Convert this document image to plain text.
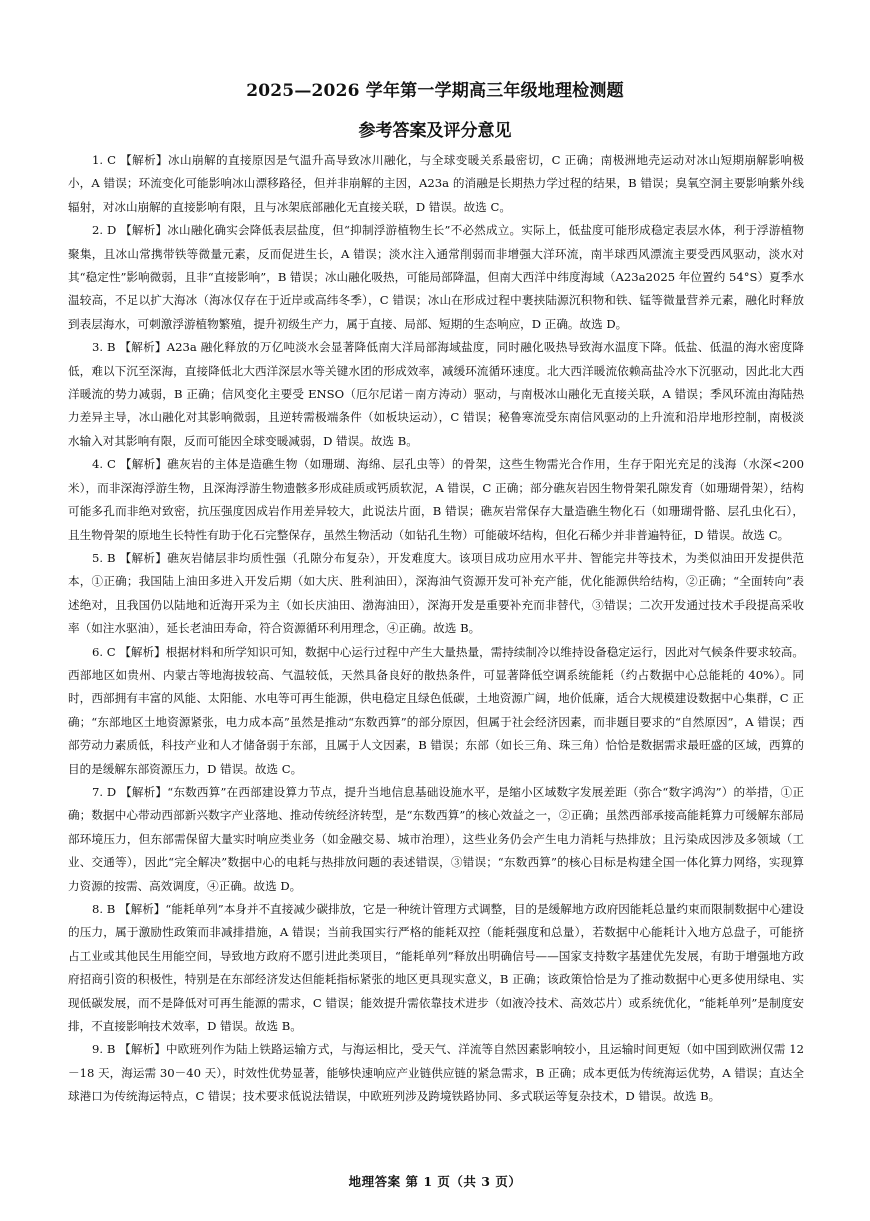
2025—2026 学年第一学期高三年级地理检测题
参考答案及评分意见

1. C 【解析】冰山崩解的直接原因是气温升高导致冰川融化，与全球变暖关系最密切，C 正确；南极洲地壳运动对冰山短期崩解影响极小，A 错误；环流变化可能影响冰山漂移路径，但并非崩解的主因，A23a 的消融是长期热力学过程的结果，B 错误；臭氧空洞主要影响紫外线辐射，对冰山崩解的直接影响有限，且与冰架底部融化无直接关联，D 错误。故选 C。

2. D 【解析】冰山融化确实会降低表层盐度，但“抑制浮游植物生长”不必然成立。实际上，低盐度可能形成稳定表层水体，利于浮游植物聚集，且冰山常携带铁等微量元素，反而促进生长，A 错误；淡水注入通常削弱而非增强大洋环流，南半球西风漂流主要受西风驱动，淡水对其“稳定性”影响微弱，且非“直接影响”，B 错误；冰山融化吸热，可能局部降温，但南大西洋中纬度海域（A23a2025 年位置约 54°S）夏季水温较高，不足以扩大海冰（海冰仅存在于近岸或高纬冬季），C 错误；冰山在形成过程中裹挟陆源沉积物和铁、锰等微量营养元素，融化时释放到表层海水，可刺激浮游植物繁殖，提升初级生产力，属于直接、局部、短期的生态响应，D 正确。故选 D。

3. B 【解析】A23a 融化释放的万亿吨淡水会显著降低南大洋局部海域盐度，同时融化吸热导致海水温度下降。低盐、低温的海水密度降低，难以下沉至深海，直接降低北大西洋深层水等关键水团的形成效率，减缓环流循环速度。北大西洋暖流依赖高盐冷水下沉驱动，因此北大西洋暖流的势力减弱，B 正确；信风变化主要受 ENSO（厄尔尼诺－南方涛动）驱动，与南极冰山融化无直接关联，A 错误；季风环流由海陆热力差异主导，冰山融化对其影响微弱，且逆转需极端条件（如板块运动），C 错误；秘鲁寒流受东南信风驱动的上升流和沿岸地形控制，南极淡水输入对其影响有限，反而可能因全球变暖减弱，D 错误。故选 B。

4. C 【解析】礁灰岩的主体是造礁生物（如珊瑚、海绵、层孔虫等）的骨架，这些生物需光合作用，生存于阳光充足的浅海（水深<200 米），而非深海浮游生物，且深海浮游生物遗骸多形成硅质或钙质软泥，A 错误，C 正确；部分礁灰岩因生物骨架孔隙发育（如珊瑚骨架），结构可能多孔而非绝对致密，抗压强度因成岩作用差异较大，此说法片面，B 错误；礁灰岩常保存大量造礁生物化石（如珊瑚骨骼、层孔虫化石），且生物骨架的原地生长特性有助于化石完整保存，虽然生物活动（如钻孔生物）可能破坏结构，但化石稀少并非普遍特征，D 错误。故选 C。

5. B 【解析】礁灰岩储层非均质性强（孔隙分布复杂），开发难度大。该项目成功应用水平井、智能完井等技术，为类似油田开发提供范本，①正确；我国陆上油田多进入开发后期（如大庆、胜利油田），深海油气资源开发可补充产能，优化能源供给结构，②正确；“全面转向”表述绝对，且我国仍以陆地和近海开采为主（如长庆油田、渤海油田），深海开发是重要补充而非替代，③错误；二次开发通过技术手段提高采收率（如注水驱油），延长老油田寿命，符合资源循环利用理念，④正确。故选 B。

6. C 【解析】根据材料和所学知识可知，数据中心运行过程中产生大量热量，需持续制冷以维持设备稳定运行，因此对气候条件要求较高。西部地区如贵州、内蒙古等地海拔较高、气温较低，天然具备良好的散热条件，可显著降低空调系统能耗（约占数据中心总能耗的 40%）。同时，西部拥有丰富的风能、太阳能、水电等可再生能源，供电稳定且绿色低碳，土地资源广阔，地价低廉，适合大规模建设数据中心集群，C 正确；“东部地区土地资源紧张，电力成本高”虽然是推动“东数西算”的部分原因，但属于社会经济因素，而非题目要求的“自然原因”，A 错误；西部劳动力素质低，科技产业和人才储备弱于东部，且属于人文因素，B 错误；东部（如长三角、珠三角）恰恰是数据需求最旺盛的区域，西算的目的是缓解东部资源压力，D 错误。故选 C。

7. D 【解析】“东数西算”在西部建设算力节点，提升当地信息基础设施水平，是缩小区域数字发展差距（弥合“数字鸿沟”）的举措，①正确；数据中心带动西部新兴数字产业落地、推动传统经济转型，是“东数西算”的核心效益之一，②正确；虽然西部承接高能耗算力可缓解东部局部环境压力，但东部需保留大量实时响应类业务（如金融交易、城市治理），这些业务仍会产生电力消耗与热排放；且污染成因涉及多领域（工业、交通等），因此“完全解决”数据中心的电耗与热排放问题的表述错误，③错误；“东数西算”的核心目标是构建全国一体化算力网络，实现算力资源的按需、高效调度，④正确。故选 D。

8. B 【解析】“能耗单列”本身并不直接减少碳排放，它是一种统计管理方式调整，目的是缓解地方政府因能耗总量约束而限制数据中心建设的压力，属于激励性政策而非减排措施，A 错误；当前我国实行严格的能耗双控（能耗强度和总量），若数据中心能耗计入地方总盘子，可能挤占工业或其他民生用能空间，导致地方政府不愿引进此类项目，“能耗单列”释放出明确信号——国家支持数字基建优先发展，有助于增强地方政府招商引资的积极性，特别是在东部经济发达但能耗指标紧张的地区更具现实意义，B 正确；该政策恰恰是为了推动数据中心更多使用绿电、实现低碳发展，而不是降低对可再生能源的需求，C 错误；能效提升需依靠技术进步（如液冷技术、高效芯片）或系统优化，“能耗单列”是制度安排，不直接影响技术效率，D 错误。故选 B。

9. B 【解析】中欧班列作为陆上铁路运输方式，与海运相比，受天气、洋流等自然因素影响较小，且运输时间更短（如中国到欧洲仅需 12－18 天，海运需 30－40 天），时效性优势显著，能够快速响应产业链供应链的紧急需求，B 正确；成本更低为传统海运优势，A 错误；直达全球港口为传统海运特点，C 错误；技术要求低说法错误，中欧班列涉及跨境铁路协同、多式联运等复杂技术，D 错误。故选 B。

地理答案 第 1 页（共 3 页）
